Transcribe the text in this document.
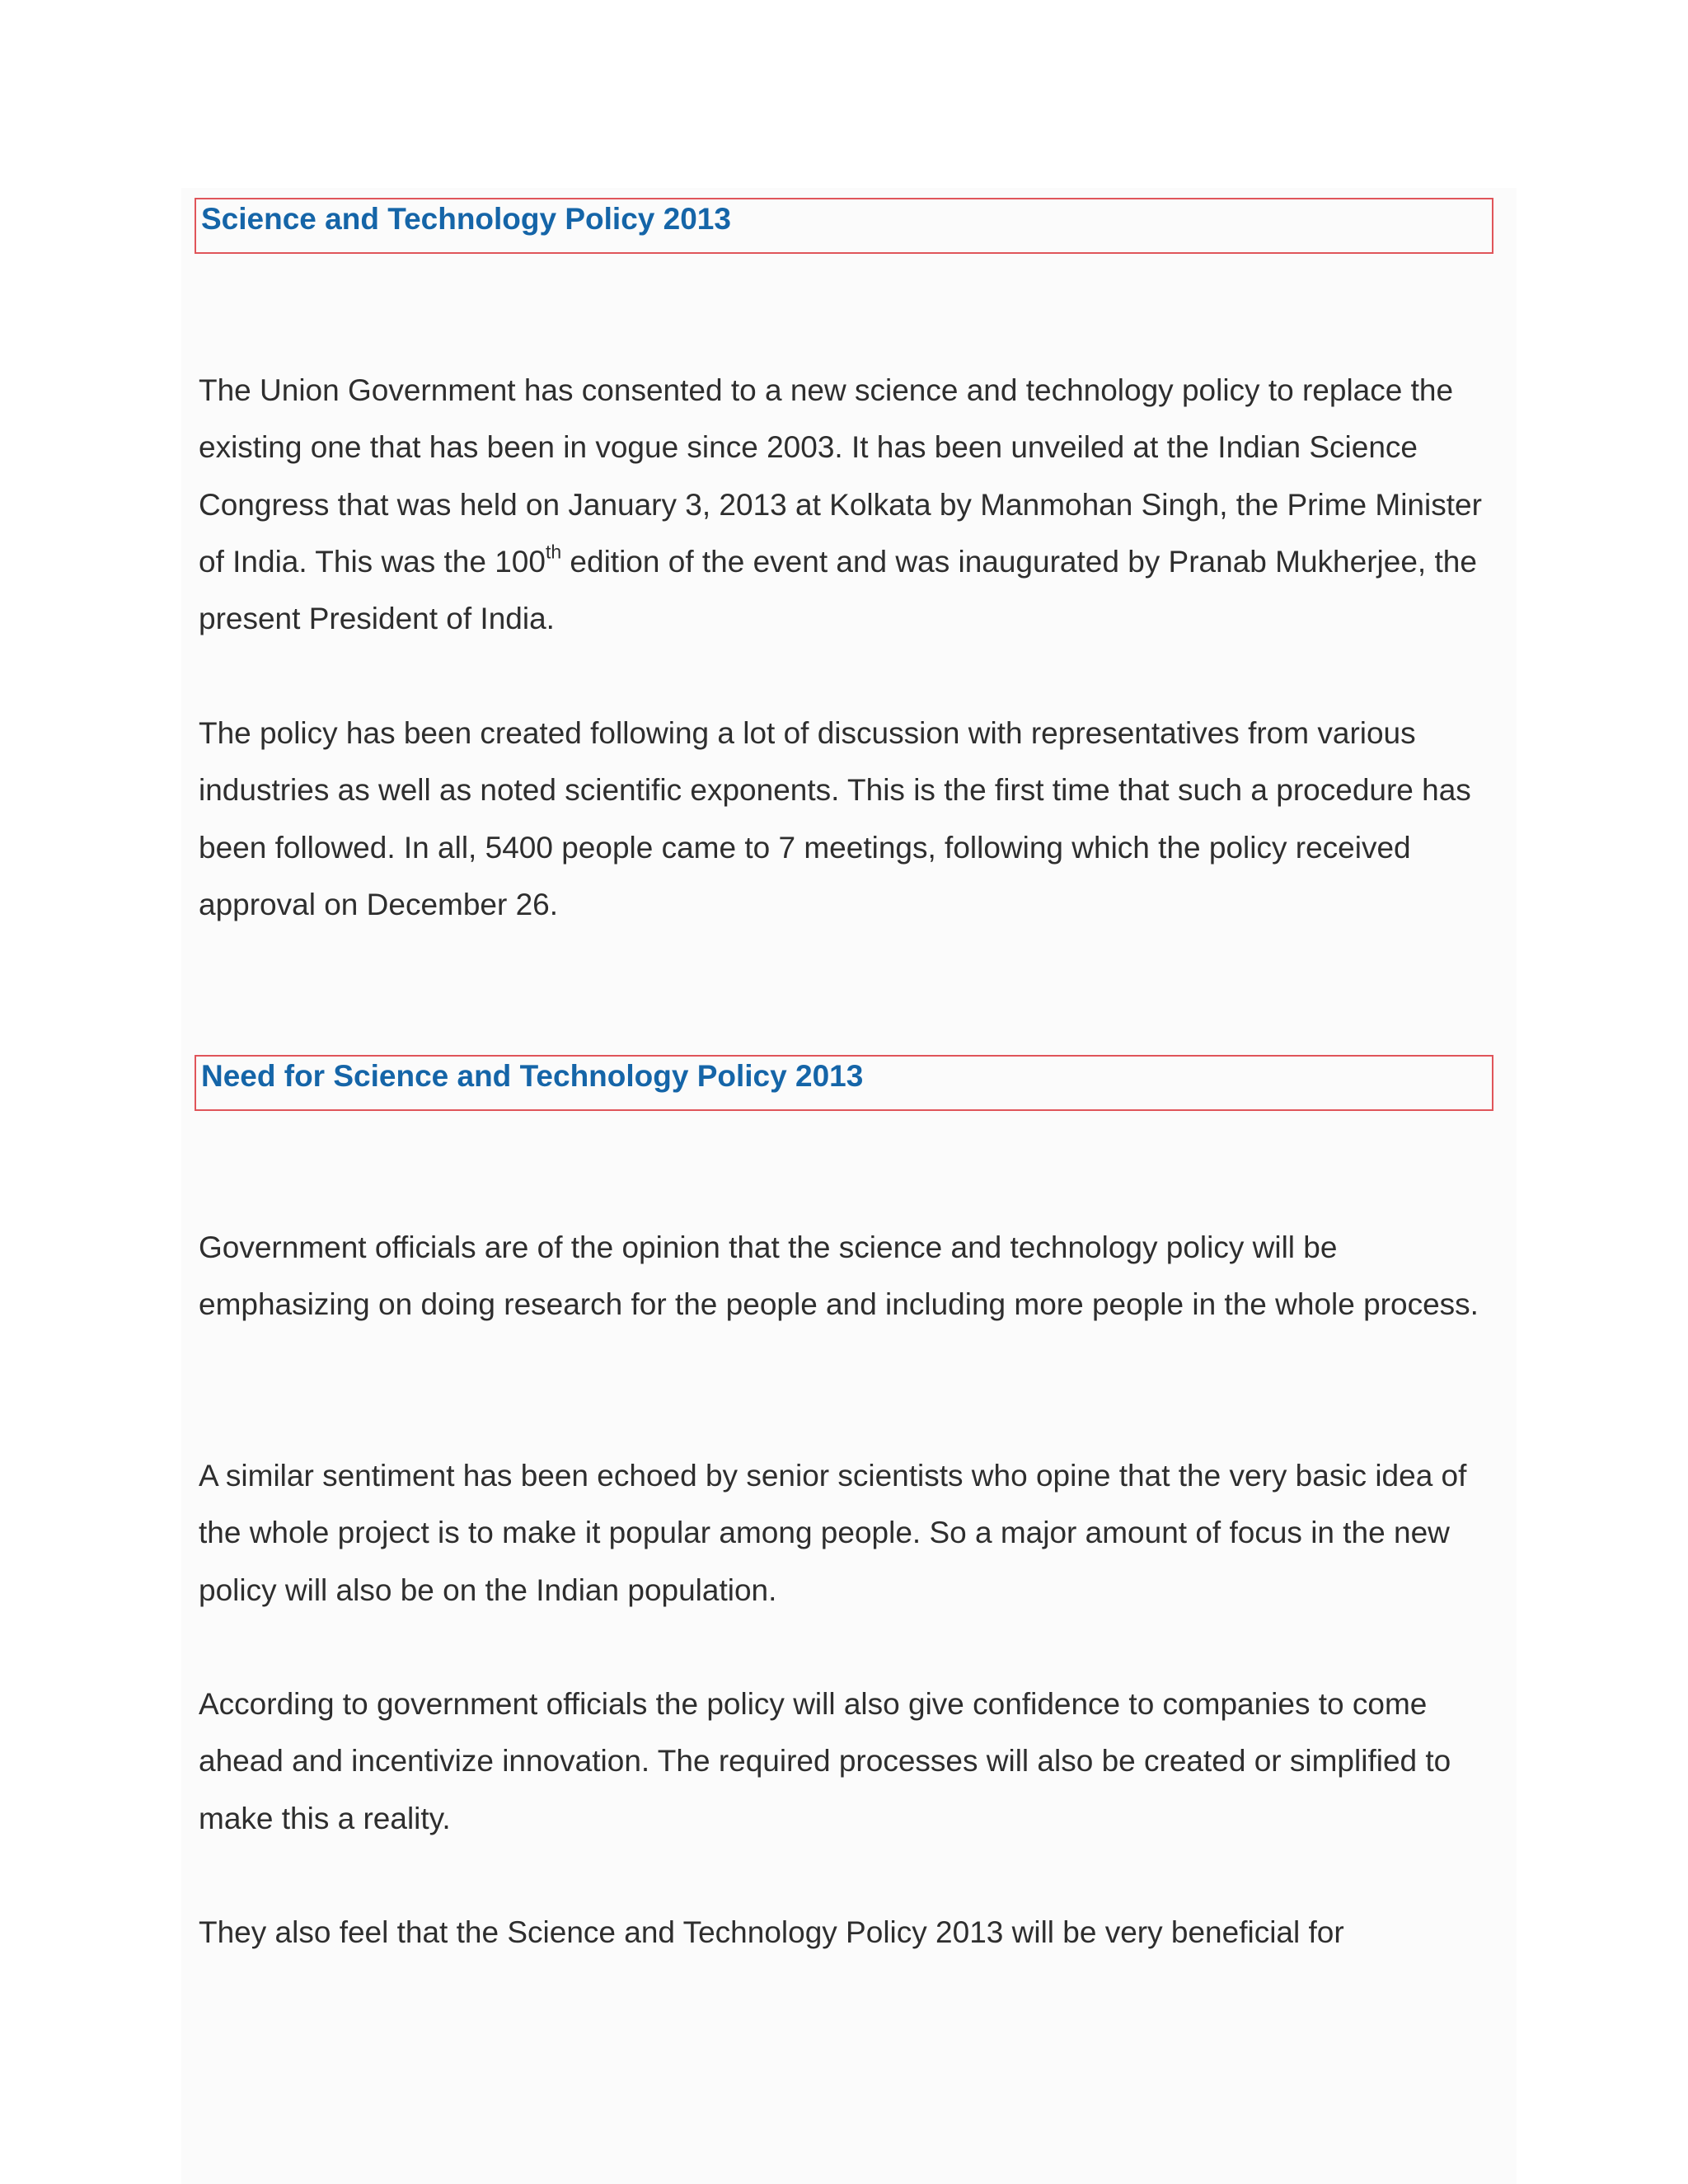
Science and Technology Policy 2013

The Union Government has consented to a new science and technology policy to replace the existing one that has been in vogue since 2003. It has been unveiled at the Indian Science Congress that was held on January 3, 2013 at Kolkata by Manmohan Singh, the Prime Minister of India. This was the 100th edition of the event and was inaugurated by Pranab Mukherjee, the present President of India.

The policy has been created following a lot of discussion with representatives from various industries as well as noted scientific exponents. This is the first time that such a procedure has been followed. In all, 5400 people came to 7 meetings, following which the policy received approval on December 26.

Need for Science and Technology Policy 2013

Government officials are of the opinion that the science and technology policy will be emphasizing on doing research for the people and including more people in the whole process.

A similar sentiment has been echoed by senior scientists who opine that the very basic idea of the whole project is to make it popular among people. So a major amount of focus in the new policy will also be on the Indian population.

According to government officials the policy will also give confidence to companies to come ahead and incentivize innovation. The required processes will also be created or simplified to make this a reality.

They also feel that the Science and Technology Policy 2013 will be very beneficial for
